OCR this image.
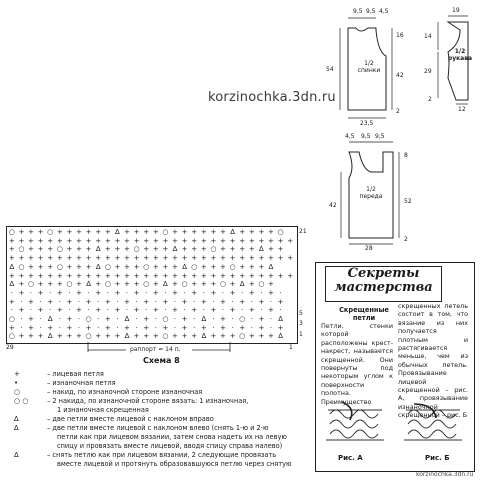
korzinochka.3dn.ru
9,5 9,5 4,5
1/2
спинки
54
16
42
2
23,5
19
1/2
рукава
14
29
2
12
4,5 9,5 9,5
1/2
переда
42
8
52
2
28
○ + + + ○ + + + + + + ∆ + + + + ○ + + + + + + ∆ + + + + ○
+ + + + + + + + + + + + + + + + + + + + + + + + + + + + + +
+ ○ + + + ○ + + + ∆ + + + ○ + + + ∆ + + + ○ + + + + ∆ + +
+ + + + + + + + + + + + + + + + + + + + + + + + + + + + + +
∆ ○ + + + ○ + + + ∆ ○ + + + ○ + + + ∆ ○ + + + ○ + + + ∆
+ + + + + + + + + + + + + + + + + + + + + + + + + + + + + +
∆ + ○ + + + ○ + ∆ + ○ + + + ○ + ∆ + ○ + + + ○ + ∆ + ○ +
· + · + · + · + · + · + · + · + · + · + · + · + · + · + ·
+ · + · + · + · + · + · + · + · + · + · + · + · + · + · +
· + · + · + · + · + · + · + · + · + · + · + · + · + · + ·
○ · + · ∆ · + · ○ · + · ∆ · + · ○ · + · ∆ · + · ○ · + · ∆
+ · + · + · + · + · + · + · + · + · + · + · + · + · + · +
○ + + + ∆ + + + ○ + + + ∆ + + + ○ + + + ∆ + + + ○ + + + ∆
21
5
3
1
29	1
раппорт = 14 п.
Схема 8
+	– лицевая петля
•	– изнаночная петля
○	– накид, по изнаночной стороне изнаночная
○ ○	– 2 накида, по изнаночной стороне вязать: 1 изнаночная,
1 изнаночная скрещенная
∆	– две петли вместе лицевой с наклоном вправо
∆	– две петли вместе лицевой с наклоном влево (снять 1-ю и 2-ю
петли как при лицевом вязании, затем снова надеть их на левую
спицу и провязать вместе лицевой, вводя спицу справа налево)
∆	– снять петлю как при лицевом вязании, 2 следующие провязать
вместе лицевой и протянуть образовавшуюся петлю через снятую
Секреты
мастерства
Скрещенные петли
Петли, стенки которой расположены крест-накрест, называется скрещенной. Они повернуты под некоторым углом к поверхности полотна. Преимущество
скрещенных петель состоит в том, что вязание из них получается плотным и растягивается меньше, чем из обычных петель. Провязывание лицевой скрещенной – рис. А, провязывание изнаночной скрещенной – рис. Б
Рис. А	Рис. Б
korzinochka.3dn.ru
